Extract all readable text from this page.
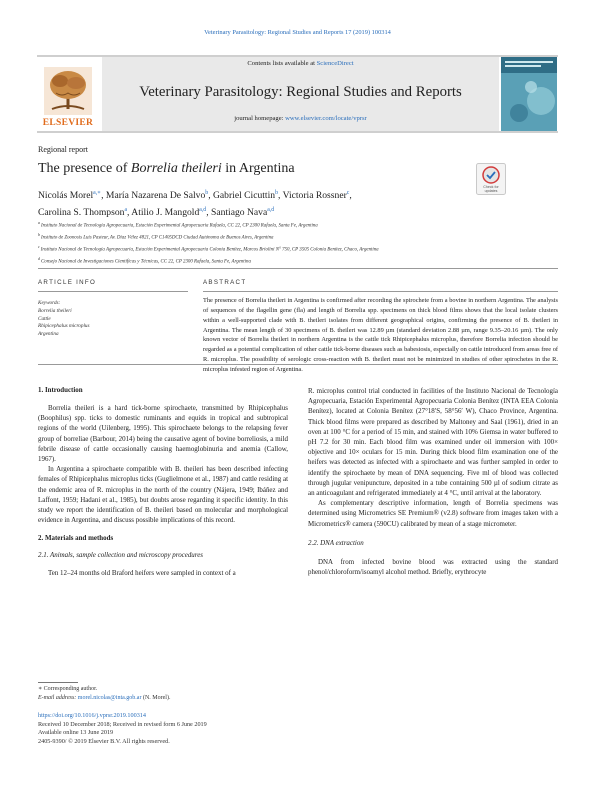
Veterinary Parasitology: Regional Studies and Reports 17 (2019) 100314
ELSEVIER
Contents lists available at ScienceDirect
Veterinary Parasitology: Regional Studies and Reports
journal homepage: www.elsevier.com/locate/vprsr
Regional report
The presence of Borrelia theileri in Argentina
Check for
updates
Nicolás Morel$^{a,∗}$, María Nazarena De Salvo$^b$, Gabriel Cicuttin$^b$, Victoria Rossner$^c$,
Carolina S. Thompson$^a$, Atilio J. Mangold$^{a,d}$, Santiago Nava$^{a,d}$
$^a$Instituto Nacional de Tecnología Agropecuaria, Estación Experimental Agropecuaria Rafaela, CC 22, CP 2300 Rafaela, Santa Fe, Argentina
$^b$Instituto de Zoonosis Luis Pasteur, Av. Díaz Vélez 4821, CP C1405DCD Ciudad Autónoma de Buenos Aires, Argentina
$^c$Instituto Nacional de Tecnología Agropecuaria, Estación Experimental Agropecuaria Colonia Benítez, Marcos Briolini N° 750, CP 3505 Colonia Benítez, Chaco, Argentina
$^d$Consejo Nacional de Investigaciones Científicas y Técnicas, CC 22, CP 2300 Rafaela, Santa Fe, Argentina
ARTICLE INFO	ABSTRACT
Keywords:
Borrelia theileri
Cattle
Rhipicephalus microplus
Argentina
The presence of Borrelia theileri in Argentina is confirmed after recording the spirochete from a bovine in northern Argentina. The analysis of sequences of the flagellin gene (fla) and length of Borrelia spp. specimens on thick blood films shows that the local isolate clusters within a well-supported clade with B. theileri isolates from different geographical origins, confirming the presence of B. theileri in Argentina. The mean length of 30 specimens of B. theileri was 12.89 µm (standard deviation 2.88 µm, range 9.35–20.16 µm). The only known vector of Borrelia theileri in northern Argentina is the cattle tick Rhipicephalus microplus, therefore Borrelia infection should be regarded as a potential complication of other cattle tick-borne diseases such as babesiosis, especially on cattle introduced from areas free of R. microplus. The possibility of serologic cross-reaction with B. theileri must not be minimized in studies of other spirochetes in the R. microplus infested region of Argentina.
1. Introduction
Borrelia theileri is a hard tick-borne spirochaete, transmitted by Rhipicephalus (Boophilus) spp. ticks to domestic ruminants and equids in tropical and subtropical regions of the world (Uilenberg, 1995). This spirochaete belongs to the relapsing fever group of borreliae (Barbour, 2014) being the causative agent of bovine borreliosis, a mild febrile disease of cattle occasionally causing haemoglobinuria and anemia (Callow, 1967).
In Argentina a spirochaete compatible with B. theileri has been described infecting females of Rhipicephalus microplus ticks (Guglielmone et al., 1987) and cattle residing at the endemic area of R. microplus in the north of the country (Nájera, 1949; Ibáñez and Laffont, 1959; Hadani et al., 1985), but doubts arose regarding it specific identity. In this study we report the identification of B. theileri based on molecular and morphological evidence in Argentina, and discuss possible implications of this record.
2. Materials and methods
2.1. Animals, sample collection and microscopy procedures
Ten 12–24 months old Braford heifers were sampled in context of a
R. microplus control trial conducted in facilities of the Instituto Nacional de Tecnología Agropecuaria, Estación Experimental Agropecuaria Colonia Benítez (INTA EEA Colonia Benítez), located at Colonia Benítez (27°18′S, 58°56′ W), Chaco Province, Argentina. Thick blood films were prepared as described by Maltoney and Saal (1961), dried in an oven at 100 °C for a period of 15 min, and stained with 10% Giemsa in water buffered to pH 7.2 for 30 min. Each blood film was examined under oil immersion with 100× objective and 10× oculars for 15 min. During thick blood film examination one of the heifers was detected as infected with a spirochaete and was further sampled in order to identify the spirochaete by mean of DNA sequencing. Five ml of blood was collected through jugular venipuncture, deposited in a tube containing 500 µl of sodium citrate as an anticoagulant and refrigerated immediately at 4 °C, until arrival at the laboratory.
As complementary descriptive information, length of Borrelia specimens was determined using Micrometrics SE Premium® (v2.8) software from images taken with a Micrometrics® camera (590CU) calibrated by mean of a stage micrometer.
2.2. DNA extraction
DNA from infected bovine blood was extracted using the standard phenol/chloroform/isoamyl alcohol method. Briefly, erythrocyte
∗ Corresponding author.
E-mail address: morel.nicolas@inta.gob.ar (N. Morel).
https://doi.org/10.1016/j.vprsr.2019.100314
Received 10 December 2018; Received in revised form 6 June 2019
Available online 13 June 2019
2405-9390/ © 2019 Elsevier B.V. All rights reserved.
